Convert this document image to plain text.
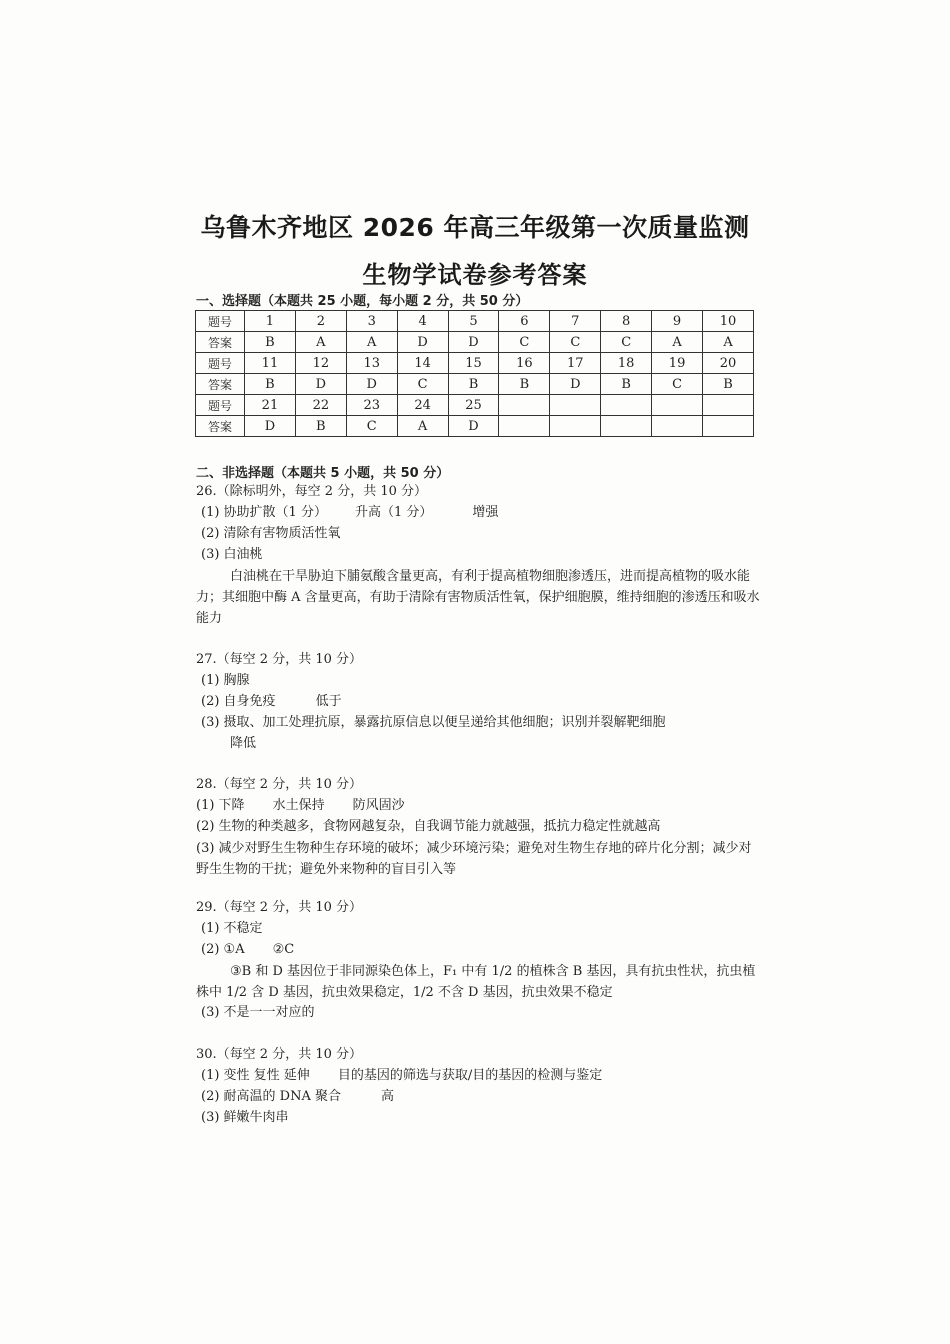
乌鲁木齐地区 2026 年高三年级第一次质量监测
生物学试卷参考答案
一、选择题（本题共 25 小题，每小题 2 分，共 50 分）
题号	1	2	3	4	5	6	7	8	9	10
答案	B	A	A	D	D	C	C	C	A	A
题号	11	12	13	14	15	16	17	18	19	20
答案	B	D	D	C	B	B	D	B	C	B
题号	21	22	23	24	25					
答案	D	B	C	A	D					
二、非选择题（本题共 5 小题，共 50 分）
26.（除标明外，每空 2 分，共 10 分）
(1) 协助扩散（1 分） 升高（1 分）	增强
(2) 清除有害物质活性氧
(3) 白油桃
白油桃在干旱胁迫下脯氨酸含量更高，有利于提高植物细胞渗透压，进而提高植物的吸水能力；其细胞中酶 A 含量更高，有助于清除有害物质活性氧，保护细胞膜，维持细胞的渗透压和吸水能力
27.（每空 2 分，共 10 分）
(1) 胸腺
(2) 自身免疫	低于
(3) 摄取、加工处理抗原，暴露抗原信息以便呈递给其他细胞；识别并裂解靶细胞
降低
28.（每空 2 分，共 10 分）
(1) 下降 水土保持 防风固沙
(2) 生物的种类越多，食物网越复杂，自我调节能力就越强，抵抗力稳定性就越高
(3) 减少对野生生物种生存环境的破坏；减少环境污染；避免对生物生存地的碎片化分割；减少对野生生物的干扰；避免外来物种的盲目引入等
29.（每空 2 分，共 10 分）
(1) 不稳定
(2) ①A ②C
③B 和 D 基因位于非同源染色体上，F₁ 中有 1/2 的植株含 B 基因，具有抗虫性状，抗虫植株中 1/2 含 D 基因，抗虫效果稳定，1/2 不含 D 基因，抗虫效果不稳定
(3) 不是一一对应的
30.（每空 2 分，共 10 分）
(1) 变性 复性 延伸 目的基因的筛选与获取/目的基因的检测与鉴定
(2) 耐高温的 DNA 聚合	高
(3) 鲜嫩牛肉串
